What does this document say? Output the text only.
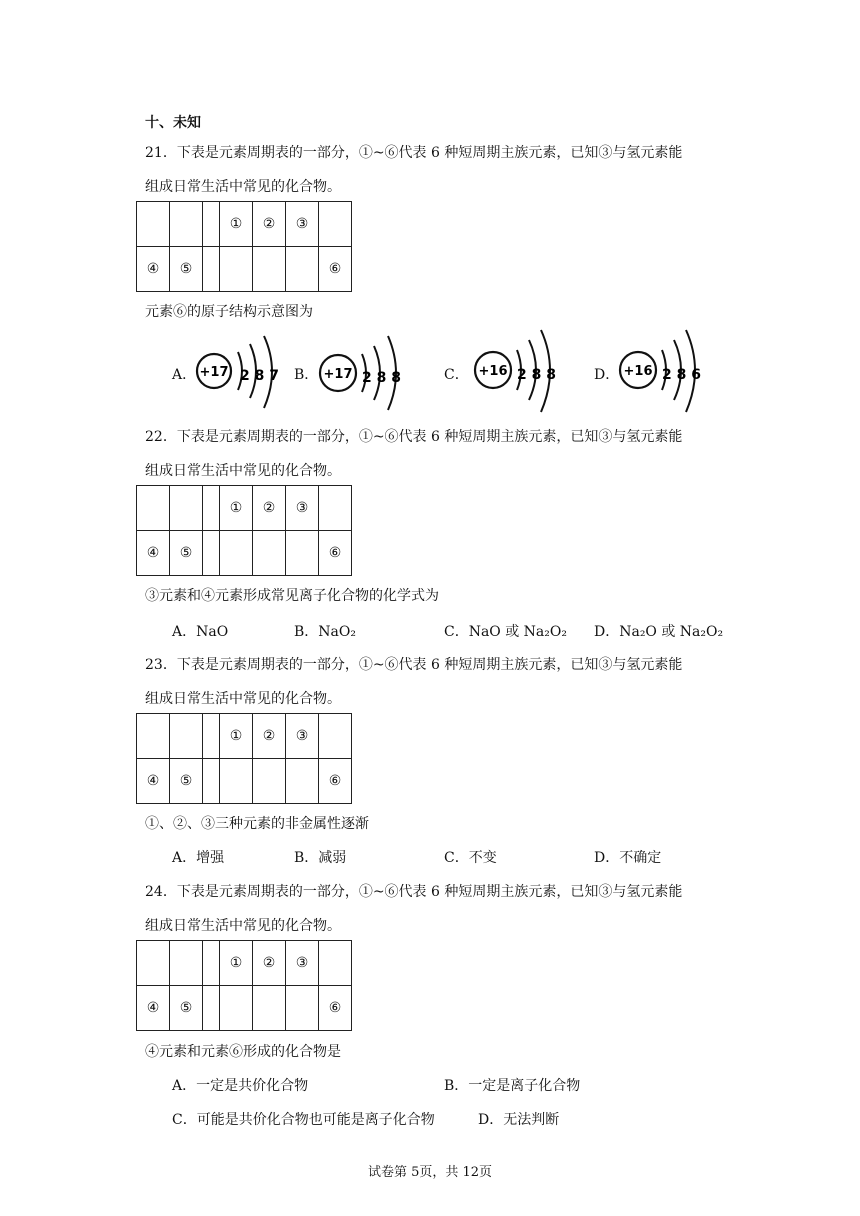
十、未知
21．下表是元素周期表的一部分，①~⑥代表 6 种短周期主族元素，已知③与氢元素能
组成日常生活中常见的化合物。
			①	②	③	
④	⑤					⑥
元素⑥的原子结构示意图为
A． +17 2 8 7 B． +17 2 8 8	C． +16 2 8 8	D． +16 2 8 6
22．下表是元素周期表的一部分，①~⑥代表 6 种短周期主族元素，已知③与氢元素能
组成日常生活中常见的化合物。
			①	②	③	
④	⑤					⑥
③元素和④元素形成常见离子化合物的化学式为
A．NaO	B．NaO₂	C．NaO 或 Na₂O₂ D．Na₂O 或 Na₂O₂
23．下表是元素周期表的一部分，①~⑥代表 6 种短周期主族元素，已知③与氢元素能
组成日常生活中常见的化合物。
			①	②	③	
④	⑤					⑥
①、②、③三种元素的非金属性逐渐
A．增强	B．减弱	C．不变	D．不确定
24．下表是元素周期表的一部分，①~⑥代表 6 种短周期主族元素，已知③与氢元素能
组成日常生活中常见的化合物。
			①	②	③	
④	⑤					⑥
④元素和元素⑥形成的化合物是
A．一定是共价化合物	B．一定是离子化合物
C．可能是共价化合物也可能是离子化合物	D．无法判断
试卷第 5页，共 12页
